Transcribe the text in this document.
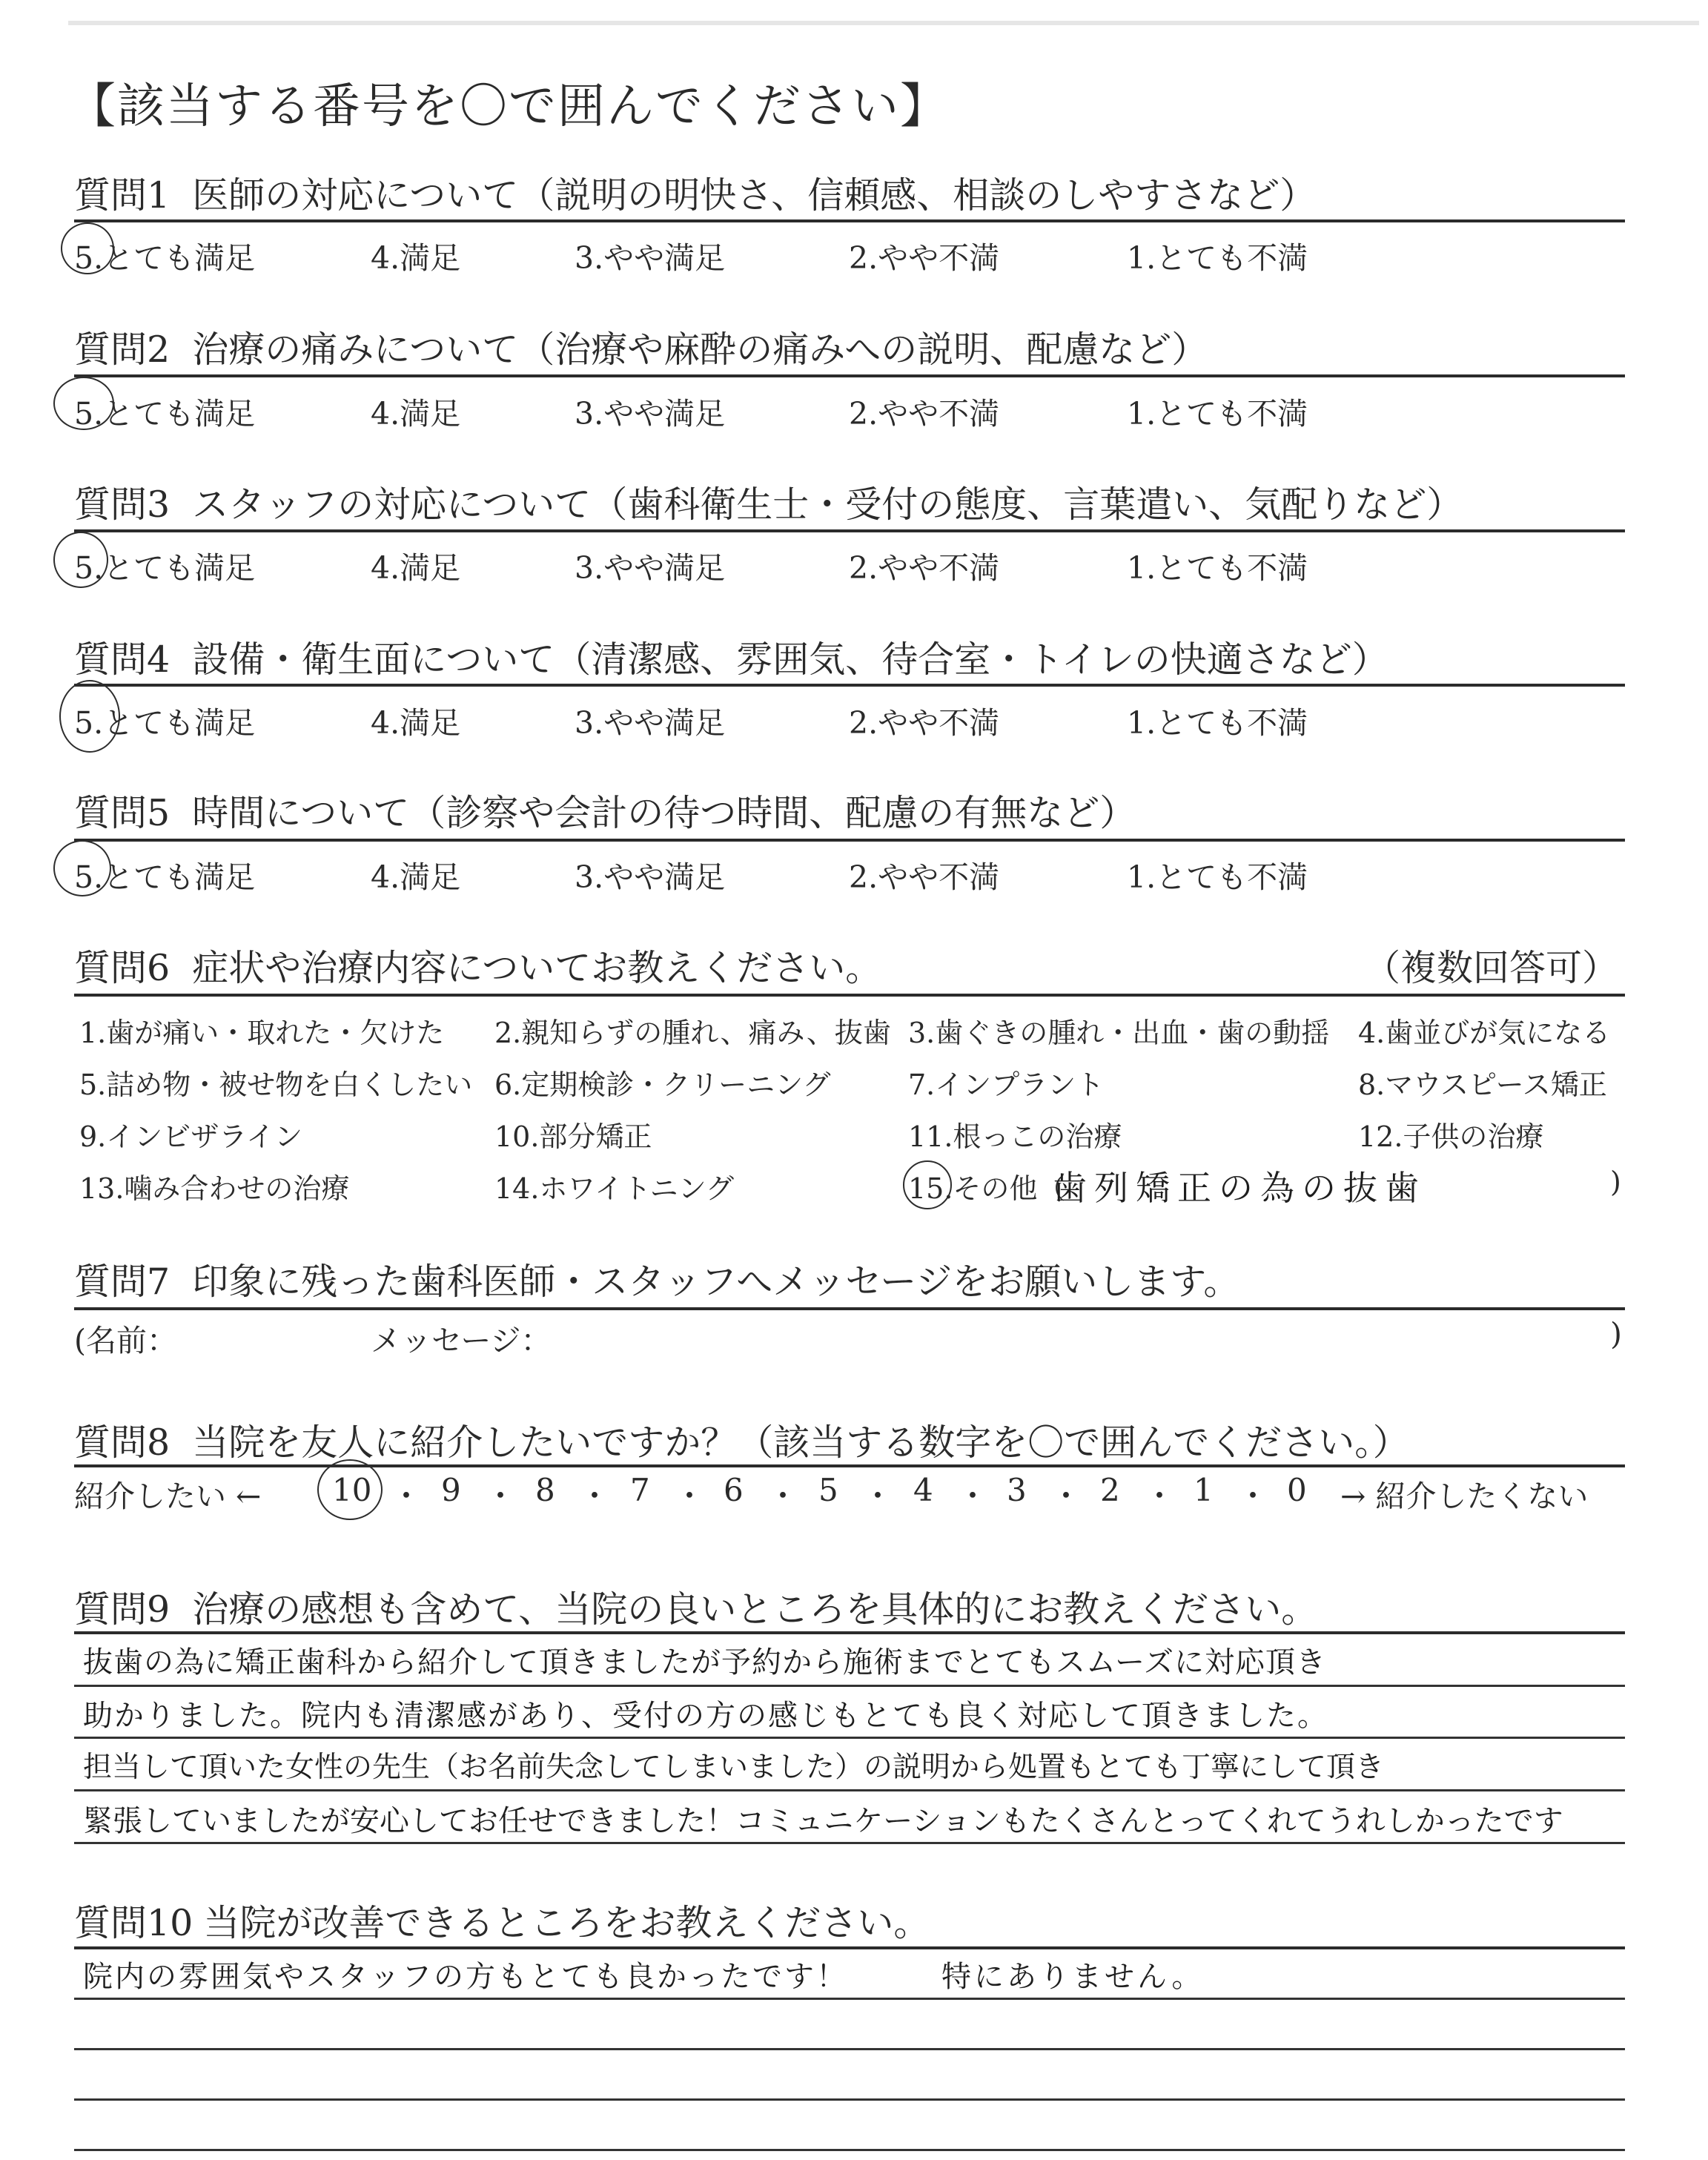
【該当する番号を〇で囲んでください】
質問1 医師の対応について（説明の明快さ、信頼感、相談のしやすさなど）
5.とても満足	4.満足	3.やや満足	2.やや不満	1.とても不満
質問2 治療の痛みについて（治療や麻酔の痛みへの説明、配慮など）
5.とても満足	4.満足	3.やや満足	2.やや不満	1.とても不満
質問3 スタッフの対応について（歯科衛生士・受付の態度、言葉遣い、気配りなど）
5.とても満足	4.満足	3.やや満足	2.やや不満	1.とても不満
質問4 設備・衛生面について（清潔感、雰囲気、待合室・トイレの快適さなど）
5.とても満足	4.満足	3.やや満足	2.やや不満	1.とても不満
質問5 時間について（診察や会計の待つ時間、配慮の有無など）
5.とても満足	4.満足	3.やや満足	2.やや不満	1.とても不満
質問6 症状や治療内容についてお教えください。	（複数回答可）
1.歯が痛い・取れた・欠けた 2.親知らずの腫れ、痛み、抜歯 3.歯ぐきの腫れ・出血・歯の動揺 4.歯並びが気になる
5.詰め物・被せ物を白くしたい 6.定期検診・クリーニング	7.インプラント	8.マウスピース矯正
9.インビザライン	10.部分矯正	11.根っこの治療	12.子供の治療
13.噛み合わせの治療	14.ホワイトニング	15.その他（
歯列矯正の為の抜歯	)
質問7 印象に残った歯科医師・スタッフへメッセージをお願いします。
(名前：	メッセージ：	)
質問8 当院を友人に紹介したいですか？（該当する数字を〇で囲んでください。）
紹介したい ← 10 ・ 9 ・ 8 ・ 7 ・ 6 ・ 5 ・ 4 ・ 3 ・ 2 ・ 1 ・ 0 → 紹介したくない
質問9 治療の感想も含めて、当院の良いところを具体的にお教えください。
抜歯の為に矯正歯科から紹介して頂きましたが予約から施術までとてもスムーズに対応頂き
助かりました。院内も清潔感があり、受付の方の感じもとても良く対応して頂きました。
担当して頂いた女性の先生（お名前失念してしまいました）の説明から処置もとても丁寧にして頂き
緊張していましたが安心してお任せできました！コミュニケーションもたくさんとってくれてうれしかったです
質問10 当院が改善できるところをお教えください。
院内の雰囲気やスタッフの方もとても良かったです！	特にありません。
